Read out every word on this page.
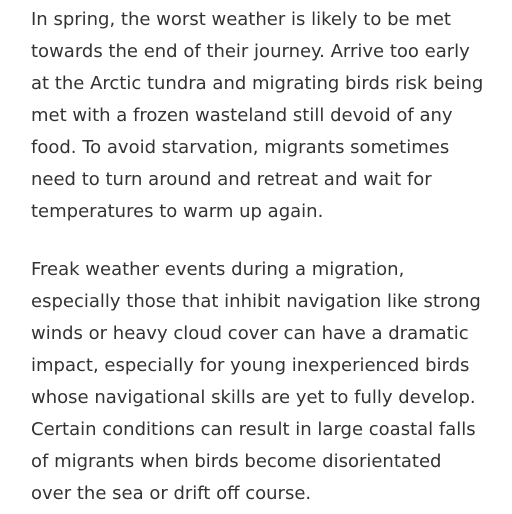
In spring, the worst weather is likely to be met
towards the end of their journey. Arrive too early
at the Arctic tundra and migrating birds risk being
met with a frozen wasteland still devoid of any
food. To avoid starvation, migrants sometimes
need to turn around and retreat and wait for
temperatures to warm up again.

Freak weather events during a migration,
especially those that inhibit navigation like strong
winds or heavy cloud cover can have a dramatic
impact, especially for young inexperienced birds
whose navigational skills are yet to fully develop.
Certain conditions can result in large coastal falls
of migrants when birds become disorientated
over the sea or drift off course.
